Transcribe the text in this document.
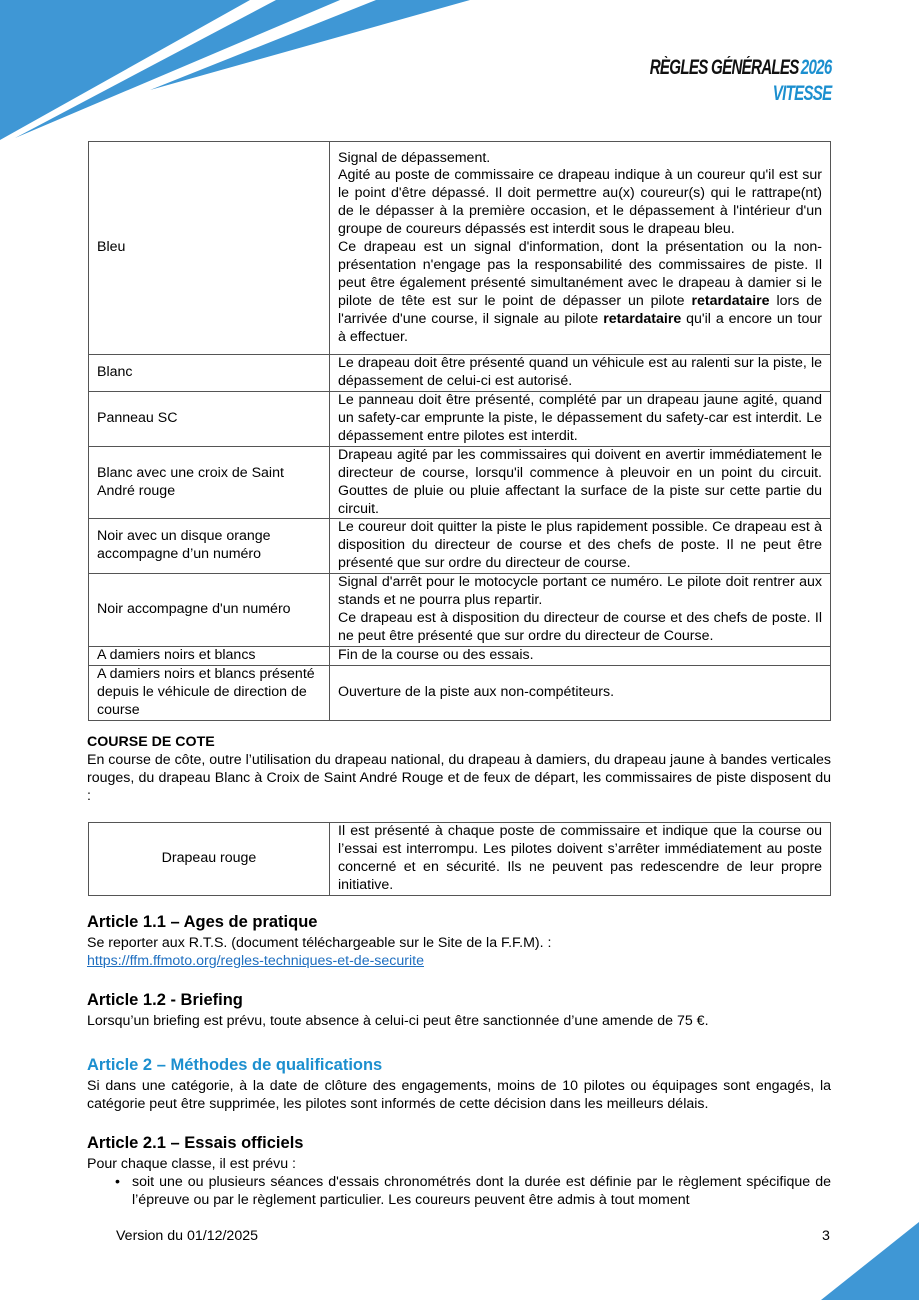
RÈGLES GÉNÉRALES 2026
VITESSE
Bleu	Signal de dépassement.
Agité au poste de commissaire ce drapeau indique à un coureur qu'il est sur le point d'être dépassé. Il doit permettre au(x) coureur(s) qui le rattrape(nt) de le dépasser à la première occasion, et le dépassement à l'intérieur d'un groupe de coureurs dépassés est interdit sous le drapeau bleu.
Ce drapeau est un signal d'information, dont la présentation ou la non-présentation n'engage pas la responsabilité des commissaires de piste. Il peut être également présenté simultanément avec le drapeau à damier si le pilote de tête est sur le point de dépasser un pilote retardataire lors de l'arrivée d'une course, il signale au pilote retardataire qu'il a encore un tour à effectuer.
Blanc	Le drapeau doit être présenté quand un véhicule est au ralenti sur la piste, le dépassement de celui-ci est autorisé.
Panneau SC	Le panneau doit être présenté, complété par un drapeau jaune agité, quand un safety-car emprunte la piste, le dépassement du safety-car est interdit. Le dépassement entre pilotes est interdit.
Blanc avec une croix de Saint André rouge	Drapeau agité par les commissaires qui doivent en avertir immédiatement le directeur de course, lorsqu'il commence à pleuvoir en un point du circuit. Gouttes de pluie ou pluie affectant la surface de la piste sur cette partie du circuit.
Noir avec un disque orange accompagne d’un numéro	Le coureur doit quitter la piste le plus rapidement possible. Ce drapeau est à disposition du directeur de course et des chefs de poste. Il ne peut être présenté que sur ordre du directeur de course.
Noir accompagne d'un numéro	Signal d'arrêt pour le motocycle portant ce numéro. Le pilote doit rentrer aux stands et ne pourra plus repartir.
Ce drapeau est à disposition du directeur de course et des chefs de poste. Il ne peut être présenté que sur ordre du directeur de Course.
A damiers noirs et blancs	Fin de la course ou des essais.
A damiers noirs et blancs présenté depuis le véhicule de direction de course	Ouverture de la piste aux non-compétiteurs.
COURSE DE COTE
En course de côte, outre l’utilisation du drapeau national, du drapeau à damiers, du drapeau jaune à bandes verticales rouges, du drapeau Blanc à Croix de Saint André Rouge et de feux de départ, les commissaires de piste disposent du :
Drapeau rouge	Il est présenté à chaque poste de commissaire et indique que la course ou l’essai est interrompu. Les pilotes doivent s’arrêter immédiatement au poste concerné et en sécurité. Ils ne peuvent pas redescendre de leur propre initiative.
Article 1.1 – Ages de pratique
Se reporter aux R.T.S. (document téléchargeable sur le Site de la F.F.M). :
https://ffm.ffmoto.org/regles-techniques-et-de-securite
Article 1.2 - Briefing
Lorsqu’un briefing est prévu, toute absence à celui-ci peut être sanctionnée d’une amende de 75 €.
Article 2 – Méthodes de qualifications
Si dans une catégorie, à la date de clôture des engagements, moins de 10 pilotes ou équipages sont engagés, la catégorie peut être supprimée, les pilotes sont informés de cette décision dans les meilleurs délais.
Article 2.1 – Essais officiels
Pour chaque classe, il est prévu :
• soit une ou plusieurs séances d'essais chronométrés dont la durée est définie par le règlement spécifique de l’épreuve ou par le règlement particulier. Les coureurs peuvent être admis à tout moment
Version du 01/12/2025	3
